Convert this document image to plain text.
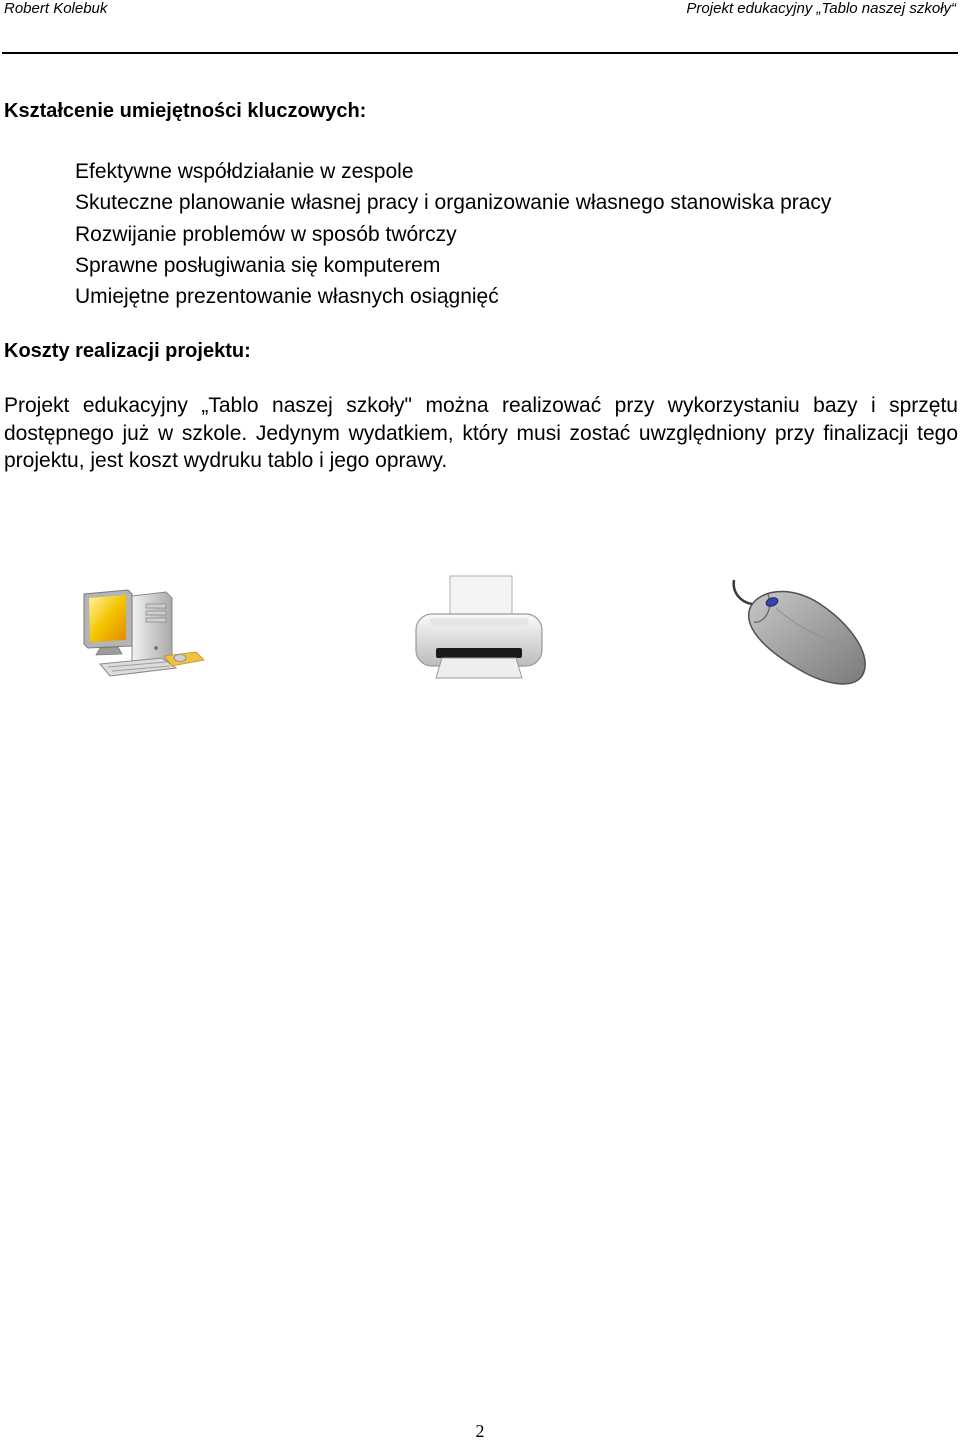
Robert Kolebuk	Projekt edukacyjny „Tablo naszej szkoły“
Kształcenie umiejętności kluczowych:
Efektywne współdziałanie w zespole
Skuteczne planowanie własnej pracy i organizowanie własnego stanowiska pracy
Rozwijanie problemów w sposób twórczy
Sprawne posługiwania się komputerem
Umiejętne prezentowanie własnych osiągnięć
Koszty realizacji projektu:

Projekt edukacyjny „Tablo naszej szkoły" można realizować przy wykorzystaniu bazy i sprzętu dostępnego już w szkole. Jedynym wydatkiem, który musi zostać uwzględniony przy finalizacji tego projektu, jest koszt wydruku tablo i jego oprawy.

2
